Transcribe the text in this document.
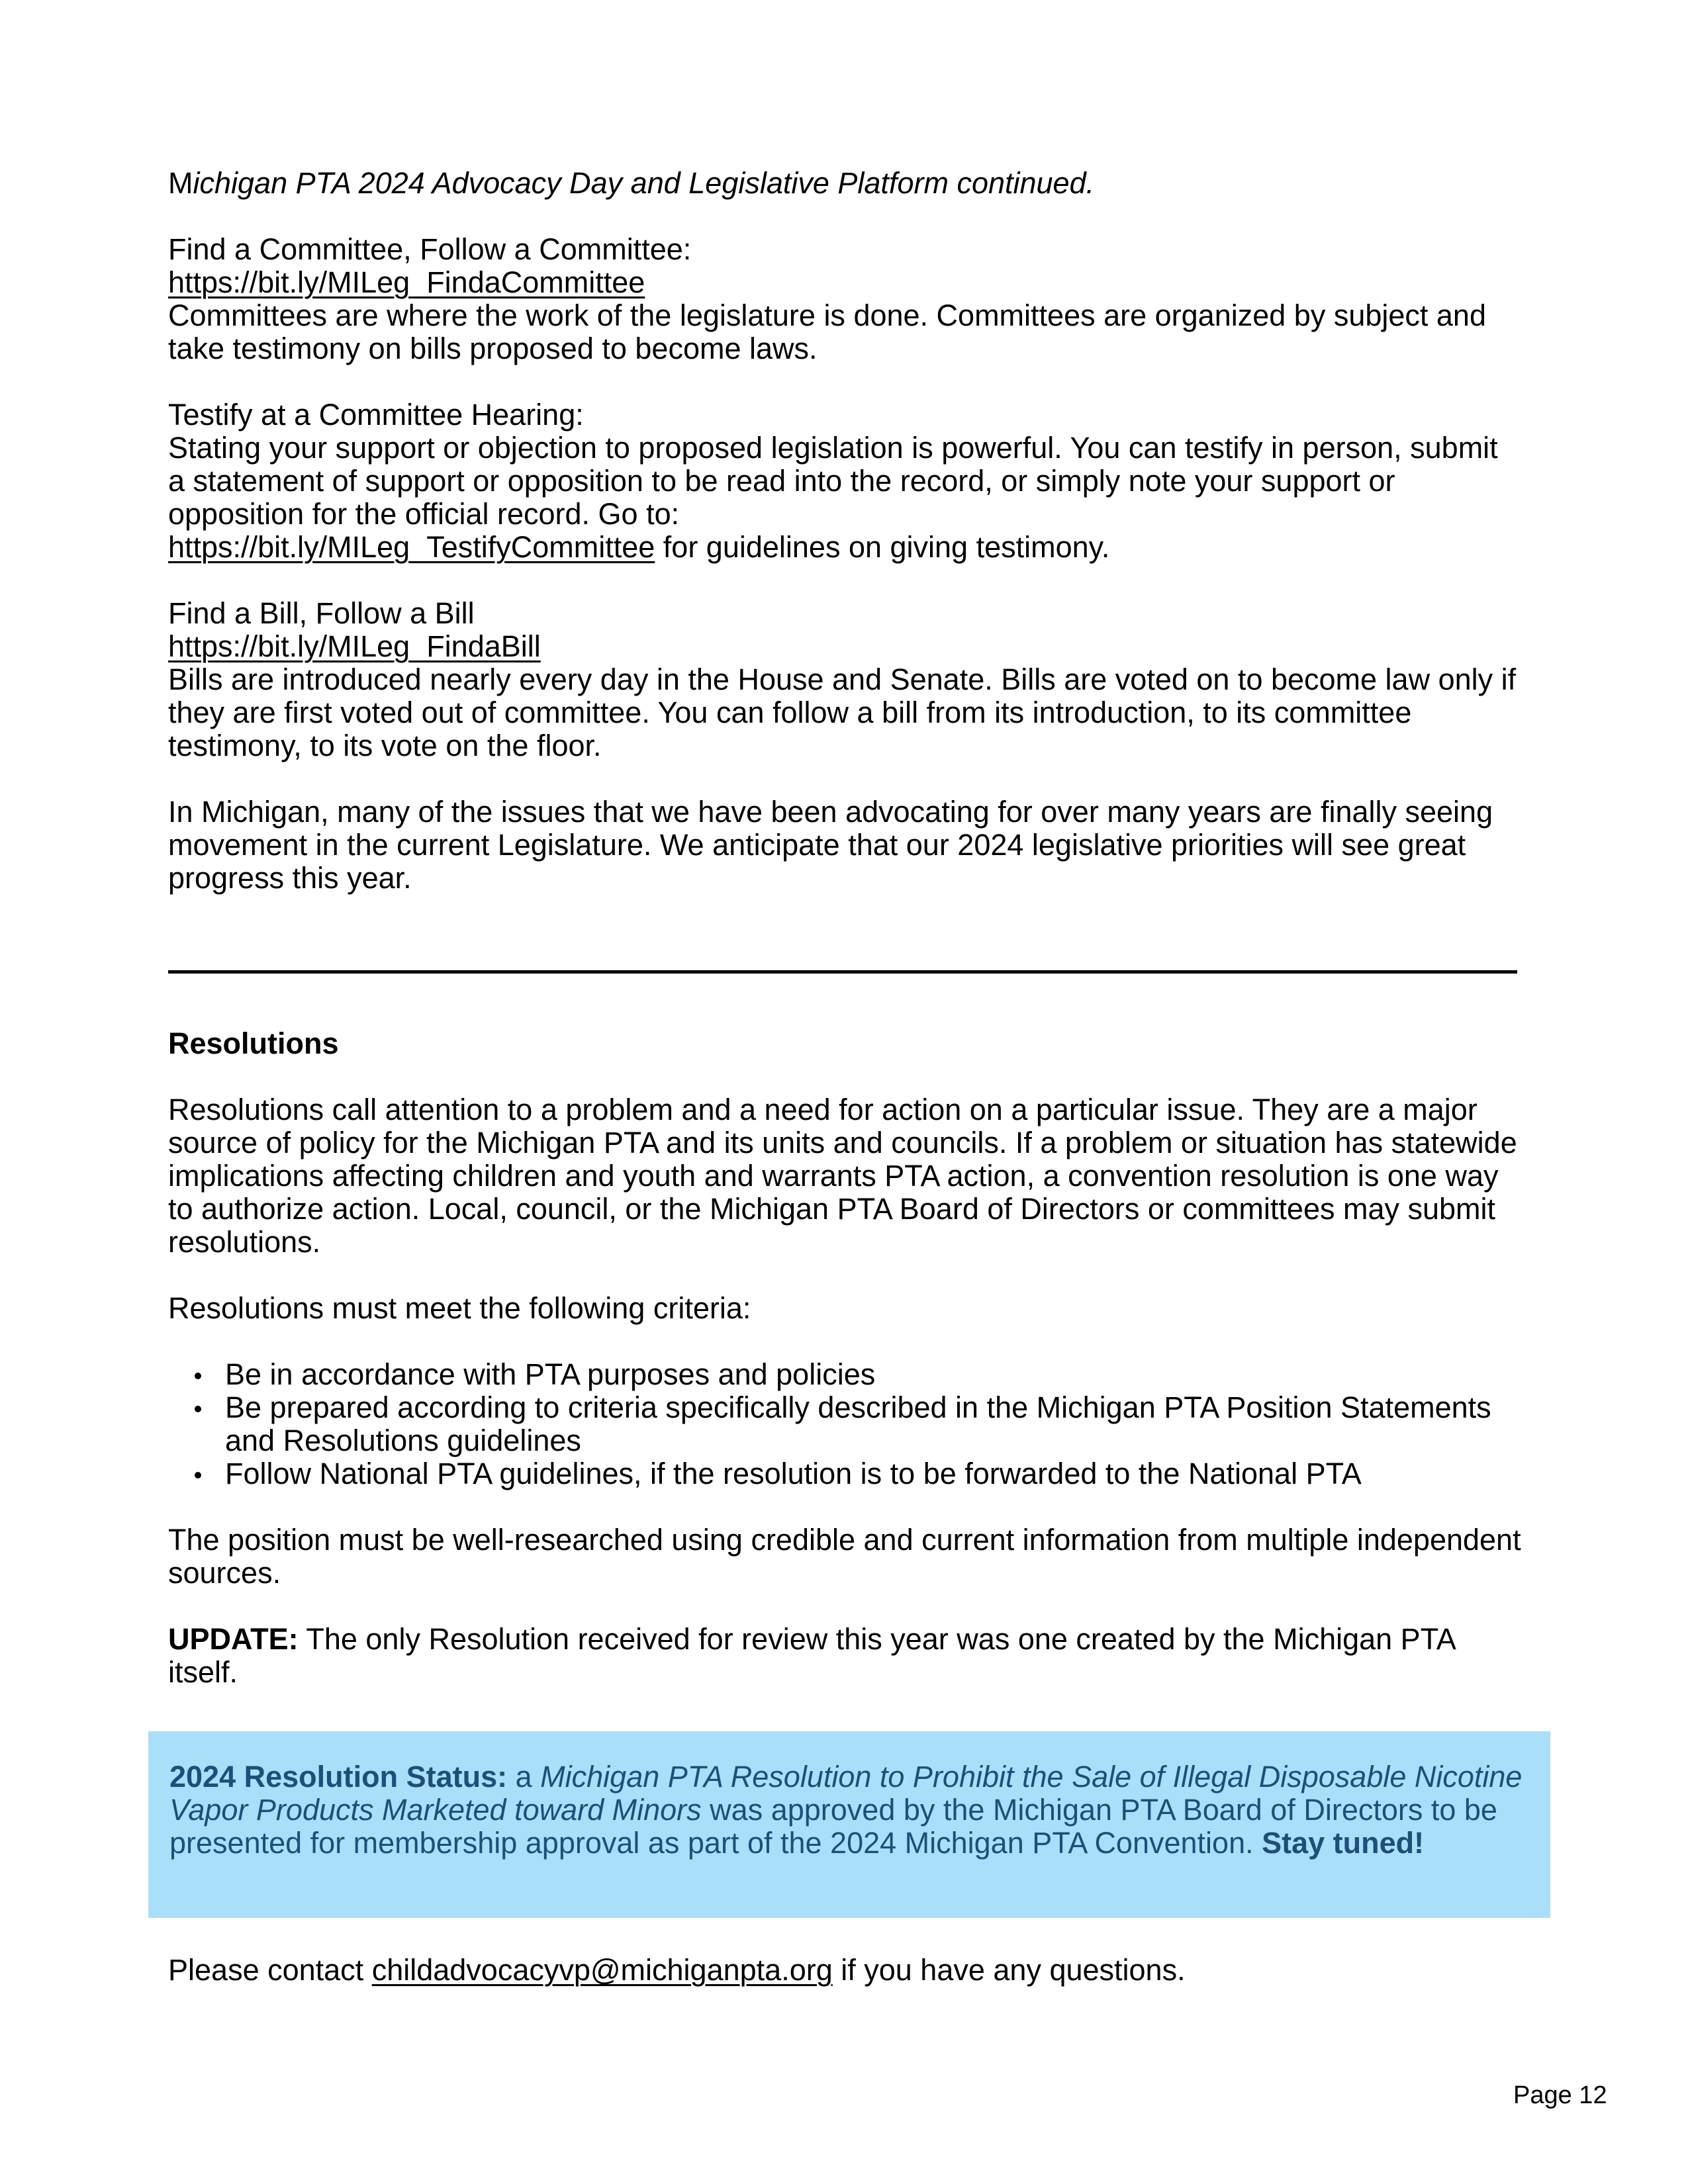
Michigan PTA 2024 Advocacy Day and Legislative Platform continued.

Find a Committee, Follow a Committee:

https://bit.ly/MILeg_FindaCommittee

Committees are where the work of the legislature is done. Committees are organized by subject and take testimony on bills proposed to become laws.

Testify at a Committee Hearing:

Stating your support or objection to proposed legislation is powerful. You can testify in person, submit a statement of support or opposition to be read into the record, or simply note your support or opposition for the official record. Go to:

https://bit.ly/MILeg_TestifyCommittee for guidelines on giving testimony.

Find a Bill, Follow a Bill

https://bit.ly/MILeg_FindaBill

Bills are introduced nearly every day in the House and Senate. Bills are voted on to become law only if they are first voted out of committee. You can follow a bill from its introduction, to its committee testimony, to its vote on the floor.

In Michigan, many of the issues that we have been advocating for over many years are finally seeing movement in the current Legislature. We anticipate that our 2024 legislative priorities will see great progress this year.

Resolutions

Resolutions call attention to a problem and a need for action on a particular issue. They are a major source of policy for the Michigan PTA and its units and councils. If a problem or situation has statewide implications affecting children and youth and warrants PTA action, a convention resolution is one way to authorize action. Local, council, or the Michigan PTA Board of Directors or committees may submit resolutions.

Resolutions must meet the following criteria:

Be in accordance with PTA purposes and policies
Be prepared according to criteria specifically described in the Michigan PTA Position Statements and Resolutions guidelines
Follow National PTA guidelines, if the resolution is to be forwarded to the National PTA

The position must be well-researched using credible and current information from multiple independent sources.

UPDATE: The only Resolution received for review this year was one created by the Michigan PTA itself.

Please contact childadvocacyvp@michiganpta.org if you have any questions.

2024 Resolution Status: a Michigan PTA Resolution to Prohibit the Sale of Illegal Disposable Nicotine Vapor Products Marketed toward Minors was approved by the Michigan PTA Board of Directors to be presented for membership approval as part of the 2024 Michigan PTA Convention. Stay tuned!

Page 12
